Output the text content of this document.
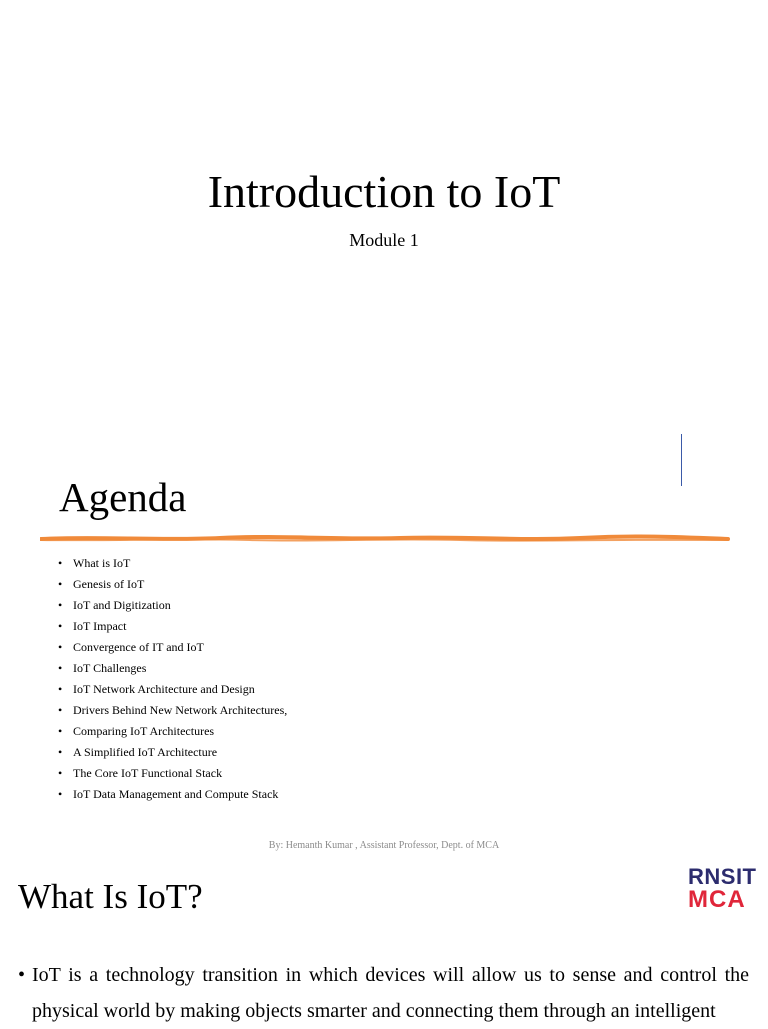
Introduction to IoT
Module 1
Agenda
• What is IoT
• Genesis of IoT
• IoT and Digitization
• IoT Impact
• Convergence of IT and IoT
• IoT Challenges
• IoT Network Architecture and Design
• Drivers Behind New Network Architectures,
• Comparing IoT Architectures
• A Simplified IoT Architecture
• The Core IoT Functional Stack
• IoT Data Management and Compute Stack
By: Hemanth Kumar , Assistant Professor, Dept. of MCA
RNSIT
MCA
What Is IoT?
• IoT is a technology transition in which devices will allow us to sense and control the physical world by making objects smarter and connecting them through an intelligent
